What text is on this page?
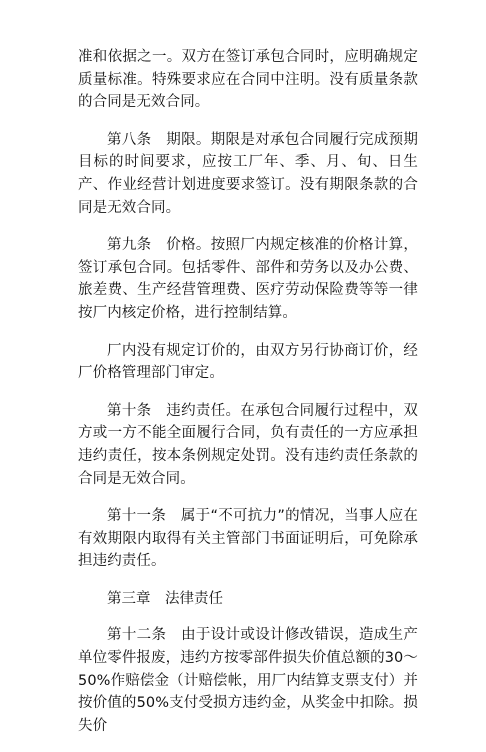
准和依据之一。双方在签订承包合同时，应明确规定质量标准。特殊要求应在合同中注明。没有质量条款的合同是无效合同。

第八条　期限。期限是对承包合同履行完成预期目标的时间要求，应按工厂年、季、月、旬、日生产、作业经营计划进度要求签订。没有期限条款的合同是无效合同。

第九条　价格。按照厂内规定核准的价格计算，签订承包合同。包括零件、部件和劳务以及办公费、旅差费、生产经营管理费、医疗劳动保险费等等一律按厂内核定价格，进行控制结算。

厂内没有规定订价的，由双方另行协商订价，经厂价格管理部门审定。

第十条　违约责任。在承包合同履行过程中，双方或一方不能全面履行合同，负有责任的一方应承担违约责任，按本条例规定处罚。没有违约责任条款的合同是无效合同。

第十一条　属于“不可抗力”的情况，当事人应在有效期限内取得有关主管部门书面证明后，可免除承担违约责任。

第三章　法律责任

第十二条　由于设计或设计修改错误，造成生产单位零件报废，违约方按零部件损失价值总额的30～50%作赔偿金（计赔偿帐，用厂内结算支票支付）并按价值的50%支付受损方违约金，从奖金中扣除。损失价
